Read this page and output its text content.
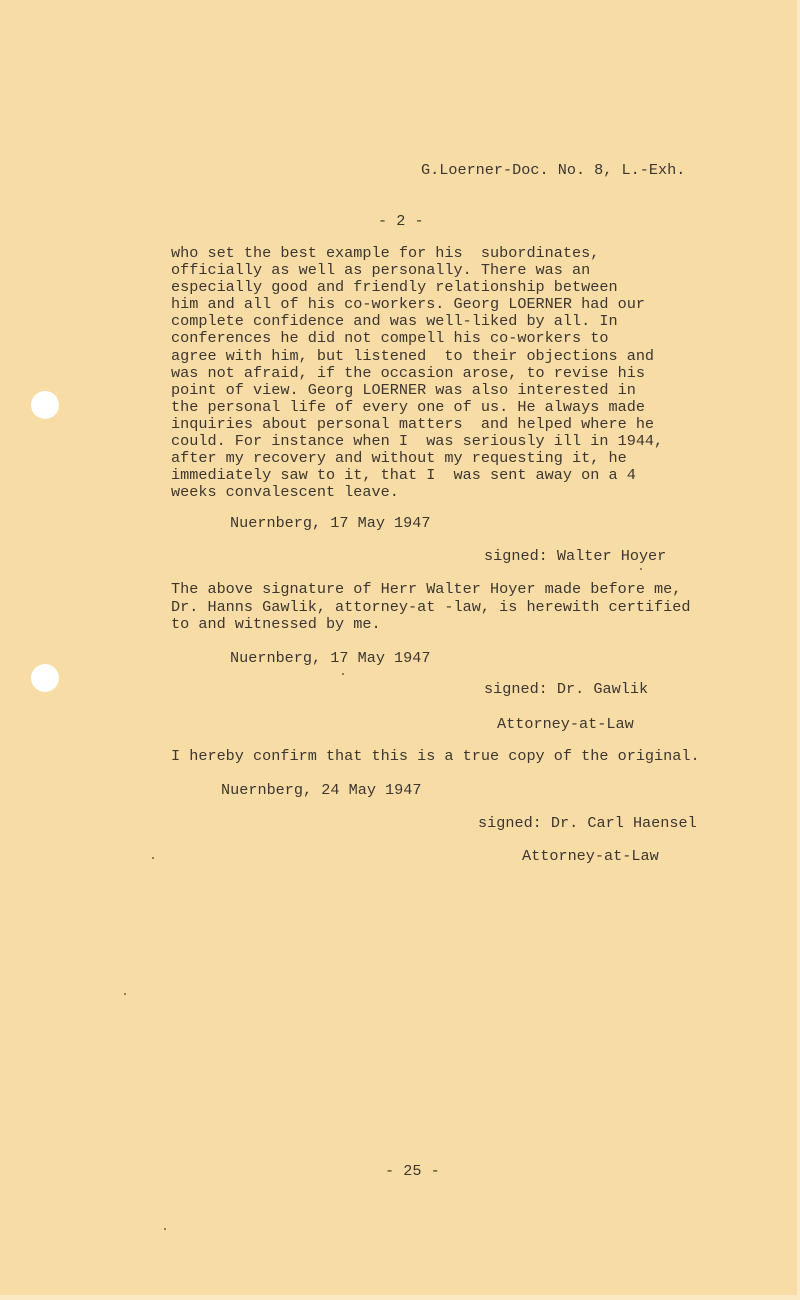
G.Loerner-Doc. No. 8, L.-Exh.
- 2 -
who set the best example for his  subordinates,
officially as well as personally. There was an
especially good and friendly relationship between
him and all of his co-workers. Georg LOERNER had our
complete confidence and was well-liked by all. In
conferences he did not compell his co-workers to
agree with him, but listened  to their objections and
was not afraid, if the occasion arose, to revise his
point of view. Georg LOERNER was also interested in
the personal life of every one of us. He always made
inquiries about personal matters  and helped where he
could. For instance when I  was seriously ill in 1944,
after my recovery and without my requesting it, he
immediately saw to it, that I  was sent away on a 4
weeks convalescent leave.
Nuernberg, 17 May 1947
signed: Walter Hoyer
The above signature of Herr Walter Hoyer made before me,
Dr. Hanns Gawlik, attorney-at -law, is herewith certified
to and witnessed by me.
Nuernberg, 17 May 1947
signed: Dr. Gawlik
Attorney-at-Law
I hereby confirm that this is a true copy of the original.
Nuernberg, 24 May 1947
signed: Dr. Carl Haensel
Attorney-at-Law
- 25 -
